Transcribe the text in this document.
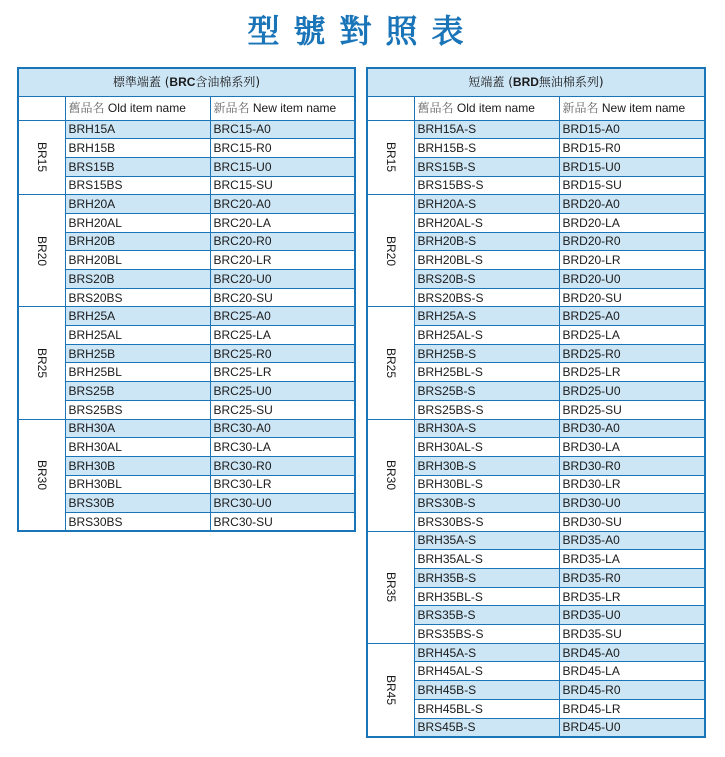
型號對照表
標準端蓋 (BRC含油棉系列)		
	舊品名 Old item name	新品名 New item name
BR15	BRH15A	BRC15-A0
	BRH15B	BRC15-R0
	BRS15B	BRC15-U0
	BRS15BS	BRC15-SU
BR20	BRH20A	BRC20-A0
	BRH20AL	BRC20-LA
	BRH20B	BRC20-R0
	BRH20BL	BRC20-LR
	BRS20B	BRC20-U0
	BRS20BS	BRC20-SU
BR25	BRH25A	BRC25-A0
	BRH25AL	BRC25-LA
	BRH25B	BRC25-R0
	BRH25BL	BRC25-LR
	BRS25B	BRC25-U0
	BRS25BS	BRC25-SU
BR30	BRH30A	BRC30-A0
	BRH30AL	BRC30-LA
	BRH30B	BRC30-R0
	BRH30BL	BRC30-LR
	BRS30B	BRC30-U0
	BRS30BS	BRC30-SU
短端蓋 (BRD無油棉系列)		
	舊品名 Old item name	新品名 New item name
BR15	BRH15A-S	BRD15-A0
	BRH15B-S	BRD15-R0
	BRS15B-S	BRD15-U0
	BRS15BS-S	BRD15-SU
BR20	BRH20A-S	BRD20-A0
	BRH20AL-S	BRD20-LA
	BRH20B-S	BRD20-R0
	BRH20BL-S	BRD20-LR
	BRS20B-S	BRD20-U0
	BRS20BS-S	BRD20-SU
BR25	BRH25A-S	BRD25-A0
	BRH25AL-S	BRD25-LA
	BRH25B-S	BRD25-R0
	BRH25BL-S	BRD25-LR
	BRS25B-S	BRD25-U0
	BRS25BS-S	BRD25-SU
BR30	BRH30A-S	BRD30-A0
	BRH30AL-S	BRD30-LA
	BRH30B-S	BRD30-R0
	BRH30BL-S	BRD30-LR
	BRS30B-S	BRD30-U0
	BRS30BS-S	BRD30-SU
BR35	BRH35A-S	BRD35-A0
	BRH35AL-S	BRD35-LA
	BRH35B-S	BRD35-R0
	BRH35BL-S	BRD35-LR
	BRS35B-S	BRD35-U0
	BRS35BS-S	BRD35-SU
BR45	BRH45A-S	BRD45-A0
	BRH45AL-S	BRD45-LA
	BRH45B-S	BRD45-R0
	BRH45BL-S	BRD45-LR
	BRS45B-S	BRD45-U0
